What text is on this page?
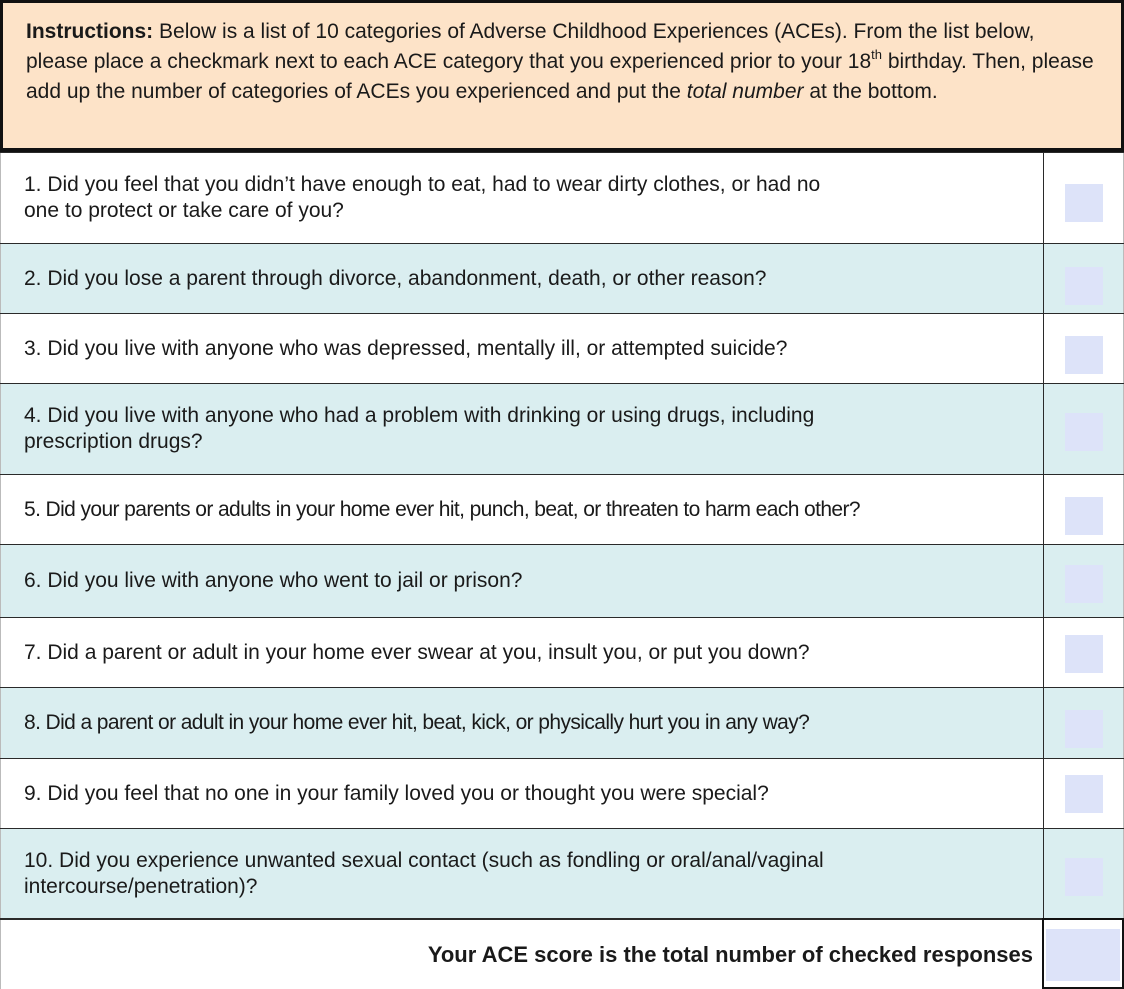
Instructions: Below is a list of 10 categories of Adverse Childhood Experiences (ACEs). From the list below, please place a checkmark next to each ACE category that you experienced prior to your 18th birthday. Then, please add up the number of categories of ACEs you experienced and put the total number at the bottom.
1. Did you feel that you didn’t have enough to eat, had to wear dirty clothes, or had no one to protect or take care of you?
2. Did you lose a parent through divorce, abandonment, death, or other reason?
3. Did you live with anyone who was depressed, mentally ill, or attempted suicide?
4. Did you live with anyone who had a problem with drinking or using drugs, including prescription drugs?
5. Did your parents or adults in your home ever hit, punch, beat, or threaten to harm each other?
6. Did you live with anyone who went to jail or prison?
7. Did a parent or adult in your home ever swear at you, insult you, or put you down?
8. Did a parent or adult in your home ever hit, beat, kick, or physically hurt you in any way?
9. Did you feel that no one in your family loved you or thought you were special?
10. Did you experience unwanted sexual contact (such as fondling or oral/anal/vaginal intercourse/penetration)?
Your ACE score is the total number of checked responses
